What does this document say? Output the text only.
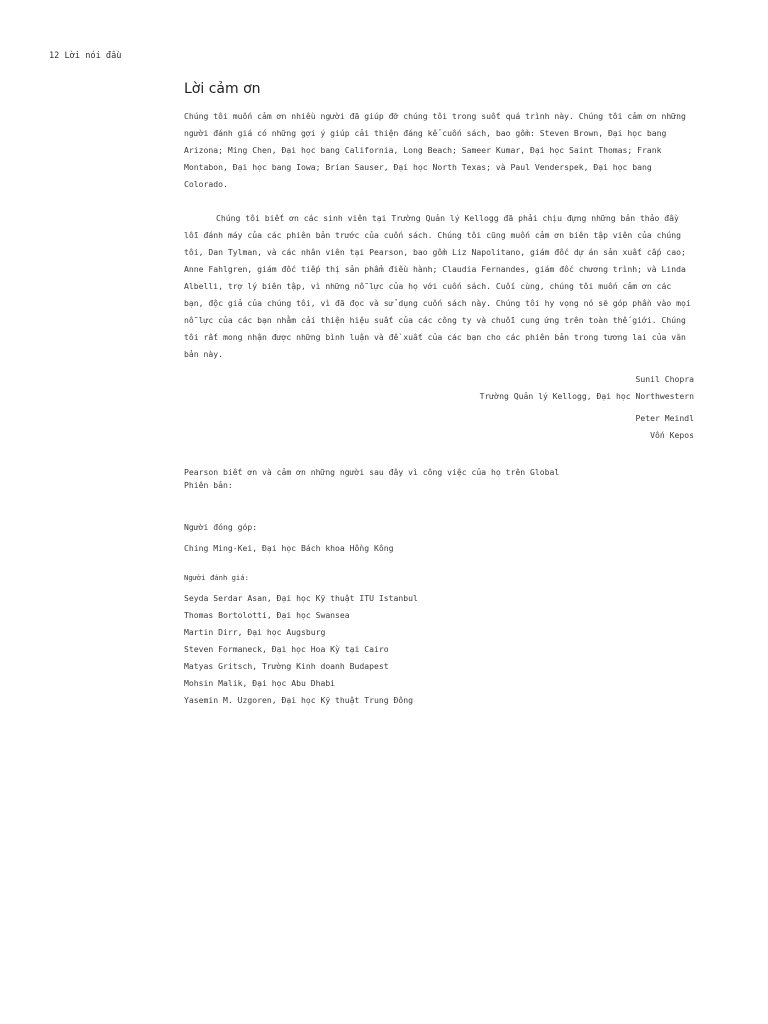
12 Lời nói đầu
Lời cảm ơn

Chúng tôi muốn cảm ơn nhiều người đã giúp đỡ chúng tôi trong suốt quá trình này. Chúng tôi cảm ơn những người đánh giá có những gợi ý giúp cải thiện đáng kể cuốn sách, bao gồm: Steven Brown, Đại học bang Arizona; Ming Chen, Đại học bang California, Long Beach; Sameer Kumar, Đại học Saint Thomas; Frank Montabon, Đại học bang Iowa; Brian Sauser, Đại học North Texas; và Paul Venderspek, Đại học bang Colorado.

Chúng tôi biết ơn các sinh viên tại Trường Quản lý Kellogg đã phải chịu đựng những bản thảo đầy lỗi đánh máy của các phiên bản trước của cuốn sách. Chúng tôi cũng muốn cảm ơn biên tập viên của chúng tôi, Dan Tylman, và các nhân viên tại Pearson, bao gồm Liz Napolitano, giám đốc dự án sản xuất cấp cao; Anne Fahlgren, giám đốc tiếp thị sản phẩm điều hành; Claudia Fernandes, giám đốc chương trình; và Linda Albelli, trợ lý biên tập, vì những nỗ lực của họ với cuốn sách. Cuối cùng, chúng tôi muốn cảm ơn các bạn, độc giả của chúng tôi, vì đã đọc và sử dụng cuốn sách này. Chúng tôi hy vọng nó sẽ góp phần vào mọi nỗ lực của các bạn nhằm cải thiện hiệu suất của các công ty và chuỗi cung ứng trên toàn thế giới. Chúng tôi rất mong nhận được những bình luận và đề xuất của các bạn cho các phiên bản trong tương lai của văn bản này.

Sunil Chopra
Trường Quản lý Kellogg, Đại học Northwestern
Peter Meindl
Vốn Kepos
Pearson biết ơn và cảm ơn những người sau đây vì công việc của họ trên Global
Phiên bản:
Người đóng góp:
Ching Ming-Kei, Đại học Bách khoa Hồng Kông
Người đánh giá:
Seyda Serdar Asan, Đại học Kỹ thuật ITU Istanbul
Thomas Bortolotti, Đại học Swansea
Martin Dirr, Đại học Augsburg
Steven Formaneck, Đại học Hoa Kỳ tại Cairo
Matyas Gritsch, Trường Kinh doanh Budapest
Mohsin Malik, Đại học Abu Dhabi
Yasemin M. Uzgoren, Đại học Kỹ thuật Trung Đông
